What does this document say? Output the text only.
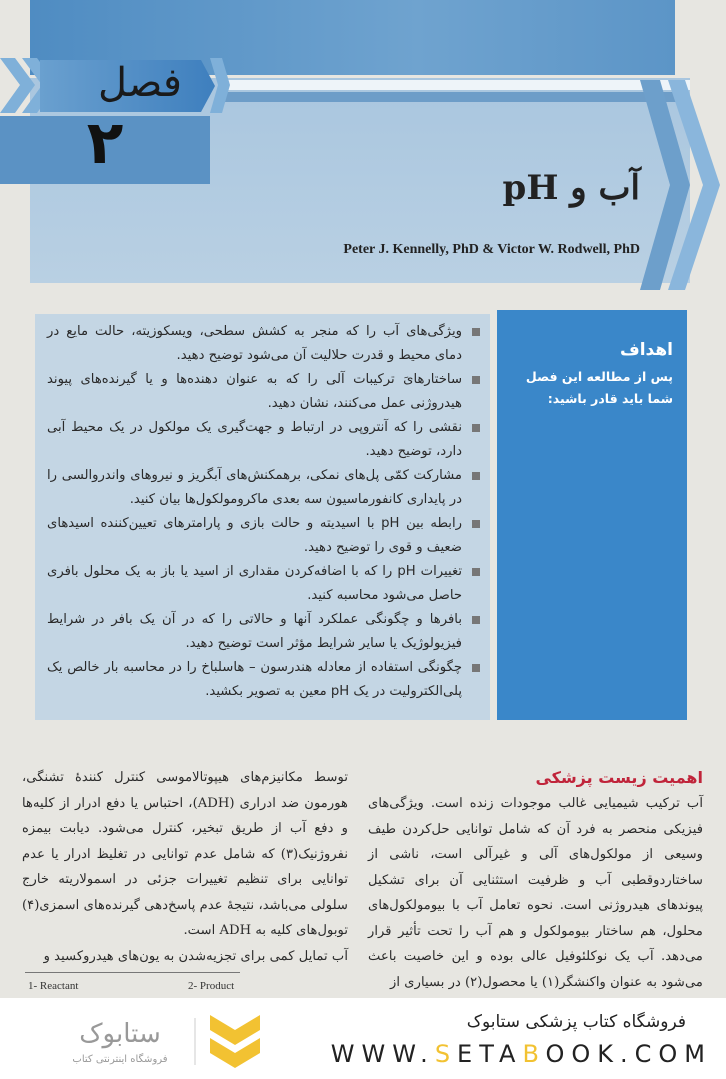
فصل
۲
آب و pH
Peter J. Kennelly, PhD & Victor W. Rodwell, PhD
ویژگی‌های آب را که منجر به کشش سطحی، ویسکوزیته، حالت مایع در دمای محیط و قدرت حلالیت آن می‌شود توضیح دهید.
ساختارهایَ ترکیبات آلی را که به عنوان دهنده‌ها و یا گیرنده‌های پیوند هیدروژنی عمل می‌کنند، نشان دهید.
نقشی را که آنتروپی در ارتباط و جهت‌گیری یک مولکول در یک محیط آبی دارد، توضیح دهید.
مشارکت کمّی پل‌های نمکی، برهمکنش‌های آبگریز و نیروهای واندروالسی را در پایداری کانفورماسیون سه بعدی ماکرومولکول‌ها بیان کنید.
رابطه بین pH با اسیدیته و حالت بازی و پارامترهای تعیین‌کننده اسیدهای ضعیف و قوی را توضیح دهید.
تغییرات pH را که با اضافه‌کردن مقداری از اسید یا باز به یک محلول بافری حاصل می‌شود محاسبه کنید.
بافرها و چگونگی عملکرد آنها و حالاتی را که در آن یک بافر در شرایط فیزیولوژیک یا سایر شرایط مؤثر است توضیح دهید.
چگونگی استفاده از معادله هندرسون – هاسلباخ را در محاسبه بار خالص یک پلی‌الکترولیت در یک pH معین به تصویر بکشید.
اهداف

پس از مطالعه این فصل شما باید قادر باشید:

اهمیت زیست پزشکی

آب ترکیب شیمیایی غالب موجودات زنده است. ویژگی‌های فیزیکی منحصر به فرد آن که شامل توانایی حل‌کردن طیف وسیعی از مولکول‌های آلی و غیرآلی است، ناشی از ساختاردوقطبی آب و ظرفیت استثنایی آن برای تشکیل پیوندهای هیدروژنی است. نحوه تعامل آب با بیومولکول‌های محلول، هم ساختار بیومولکول و هم آب را تحت تأثیر قرار می‌دهد. آب یک نوکلئوفیل عالی بوده و این خاصیت باعث می‌شود به عنوان واکنشگر(۱) یا محصول(۲) در بسیاری از

توسط مکانیزم‌های هیپوتالاموسی کنترل کنندهٔ تشنگی، هورمون ضد ادراری (ADH)، احتباس یا دفع ادرار از کلیه‌ها و دفع آب از طریق تبخیر، کنترل می‌شود. دیابت بیمزه نفروژنیک(۳) که شامل عدم توانایی در تغلیظ ادرار یا عدم توانایی برای تنظیم تغییرات جزئی در اسمولاریته خارج سلولی می‌باشد، نتیجهٔ عدم پاسخ‌دهی گیرنده‌های اسمزی(۴) توبول‌های کلیه به ADH است.

آب تمایل کمی برای تجزیه‌شدن به یون‌های هیدروکسید و

1- Reactant	2- Product
ستابوک
فروشگاه اینترنتی کتاب
فروشگاه کتاب پزشکی ستابوک
WWW.SETABOOK.COM
